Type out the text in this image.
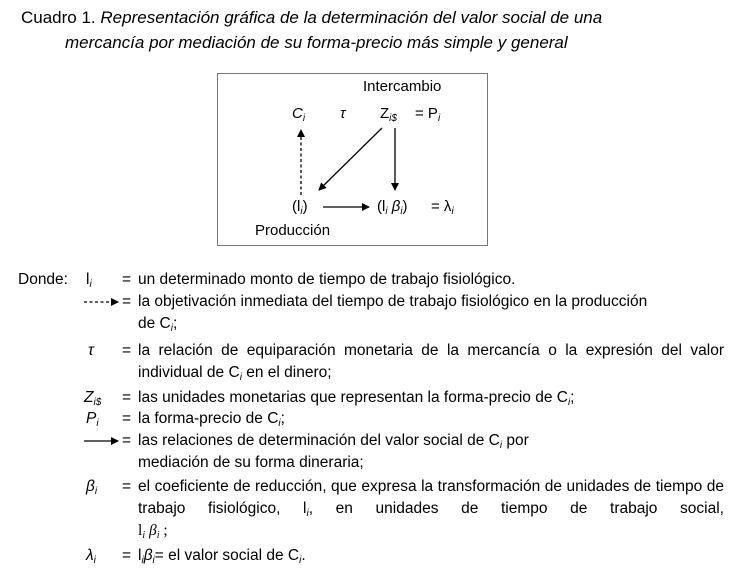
Cuadro 1. Representación gráfica de la determinación del valor social de una
mercancía por mediación de su forma-precio más simple y general
Intercambio
$C_i$ τ $Z_{i\$} = P_i$
$(l_i)$	($l_i$ $\beta_i) = \lambda_i$
Producción
Donde: $l_i$	= un determinado monto de tiempo de trabajo fisiológico.
= la objetivación inmediata del tiempo de trabajo fisiológico en la producción
de $C_i$;
τ	= la relación de equiparación monetaria de la mercancía o la expresión del valor individual de $C_i$ en el dinero;
$Z_{i\$}$	= las unidades monetarias que representan la forma-precio de $C_i$;
$P_i$	= la forma-precio de $C_i$;
= las relaciones de determinación del valor social de $C_i$ por
mediación de su forma dineraria;
$\beta_i$	= el coeficiente de reducción, que expresa la transformación de unidades de tiempo de trabajo fisiológico, $l_i$, en unidades de tiempo de trabajo social,
$l_i$ $\beta_i$ ;
$\lambda_i$	= $l_i\beta_i=$ el valor social de $C_i$.
